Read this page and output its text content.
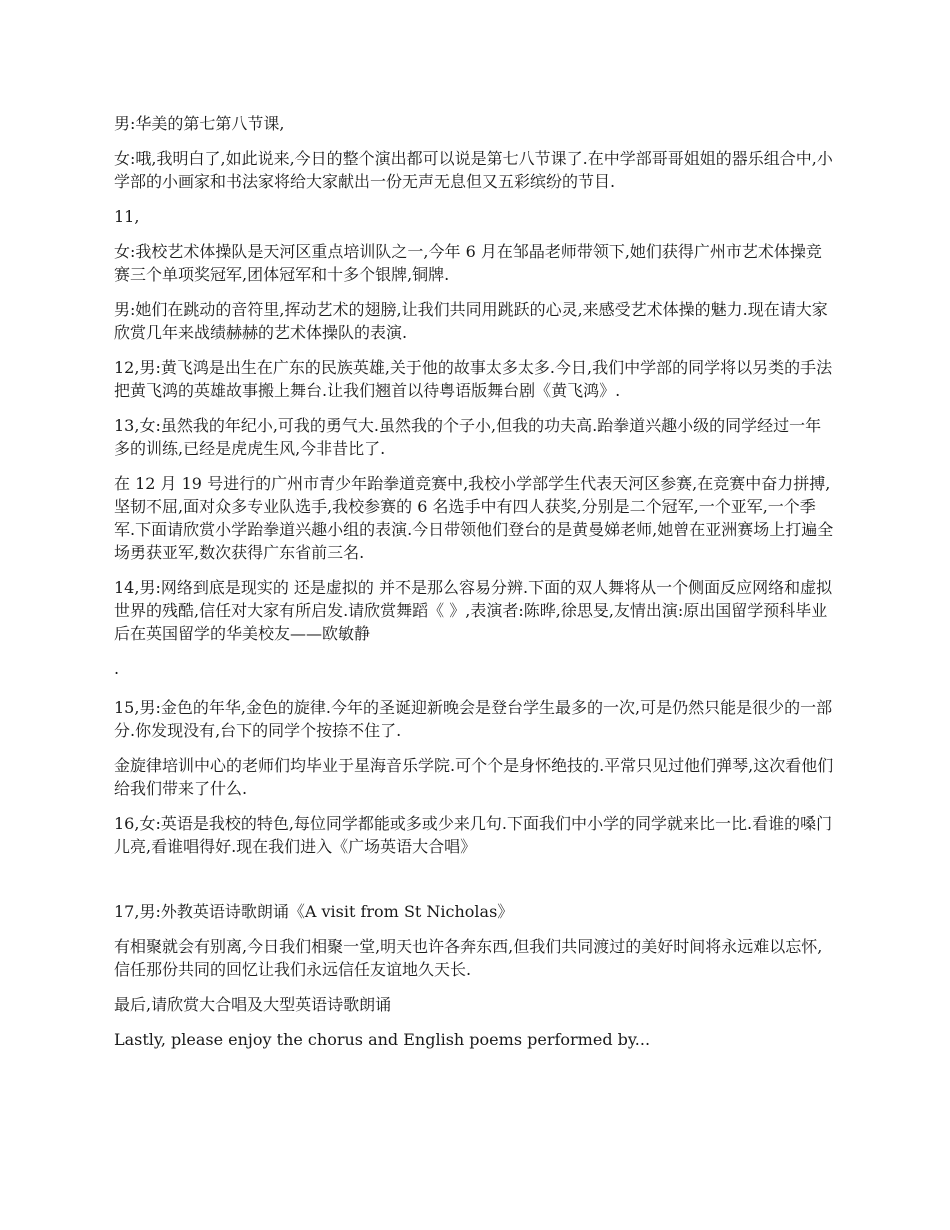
男:华美的第七第八节课,

女:哦,我明白了,如此说来,今日的整个演出都可以说是第七八节课了.在中学部哥哥姐姐的器乐组合中,小学部的小画家和书法家将给大家献出一份无声无息但又五彩缤纷的节目.

11,

女:我校艺术体操队是天河区重点培训队之一,今年 6 月在邹晶老师带领下,她们获得广州市艺术体操竞赛三个单项奖冠军,团体冠军和十多个银牌,铜牌.

男:她们在跳动的音符里,挥动艺术的翅膀,让我们共同用跳跃的心灵,来感受艺术体操的魅力.现在请大家欣赏几年来战绩赫赫的艺术体操队的表演.

12,男:黄飞鸿是出生在广东的民族英雄,关于他的故事太多太多.今日,我们中学部的同学将以另类的手法把黄飞鸿的英雄故事搬上舞台.让我们翘首以待粤语版舞台剧《黄飞鸿》.

13,女:虽然我的年纪小,可我的勇气大.虽然我的个子小,但我的功夫高.跆拳道兴趣小级的同学经过一年多的训练,已经是虎虎生风,今非昔比了.

在 12 月 19 号进行的广州市青少年跆拳道竞赛中,我校小学部学生代表天河区参赛,在竞赛中奋力拼搏,坚韧不屈,面对众多专业队选手,我校参赛的 6 名选手中有四人获奖,分别是二个冠军,一个亚军,一个季军.下面请欣赏小学跆拳道兴趣小组的表演.今日带领他们登台的是黄曼娣老师,她曾在亚洲赛场上打遍全场勇获亚军,数次获得广东省前三名.

14,男:网络到底是现实的 还是虚拟的 并不是那么容易分辨.下面的双人舞将从一个侧面反应网络和虚拟世界的残酷,信任对大家有所启发.请欣赏舞蹈《 》,表演者:陈晔,徐思旻,友情出演:原出国留学预科毕业后在英国留学的华美校友——欧敏静

.

15,男:金色的年华,金色的旋律.今年的圣诞迎新晚会是登台学生最多的一次,可是仍然只能是很少的一部分.你发现没有,台下的同学个按捺不住了.

金旋律培训中心的老师们均毕业于星海音乐学院.可个个是身怀绝技的.平常只见过他们弹琴,这次看他们给我们带来了什么.

16,女:英语是我校的特色,每位同学都能或多或少来几句.下面我们中小学的同学就来比一比.看谁的嗓门儿亮,看谁唱得好.现在我们进入《广场英语大合唱》

17,男:外教英语诗歌朗诵《A visit from St Nicholas》

有相聚就会有别离,今日我们相聚一堂,明天也许各奔东西,但我们共同渡过的美好时间将永远难以忘怀,信任那份共同的回忆让我们永远信任友谊地久天长.

最后,请欣赏大合唱及大型英语诗歌朗诵

Lastly, please enjoy the chorus and English poems performed by...
